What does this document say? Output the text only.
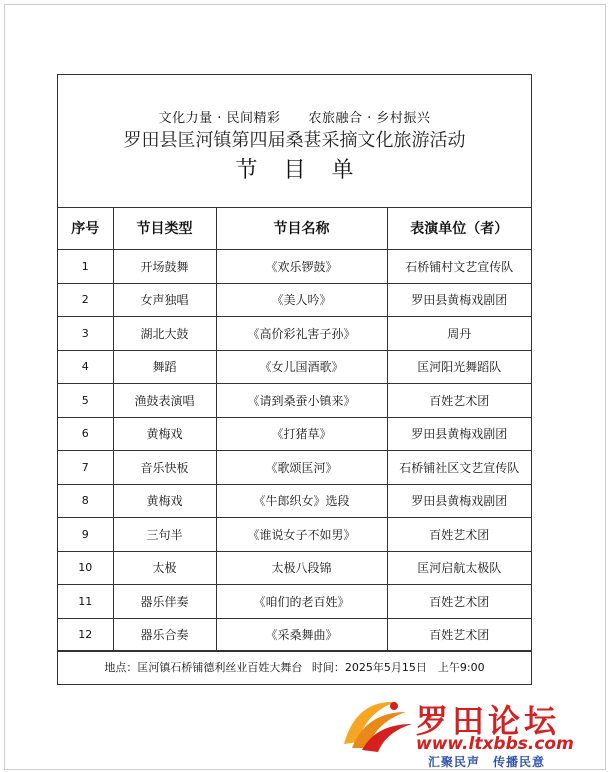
文化力量 · 民间精彩 农旅融合 · 乡村振兴
罗田县匡河镇第四届桑葚采摘文化旅游活动
节目单
序号	节目类型	节目名称	表演单位（者）
1	开场鼓舞	《欢乐锣鼓》	石桥铺村文艺宣传队
2	女声独唱	《美人吟》	罗田县黄梅戏剧团
3	湖北大鼓	《高价彩礼害子孙》	周丹
4	舞蹈	《女儿国酒歌》	匡河阳光舞蹈队
5	渔鼓表演唱	《请到桑蚕小镇来》	百姓艺术团
6	黄梅戏	《打猪草》	罗田县黄梅戏剧团
7	音乐快板	《歌颂匡河》	石桥铺社区文艺宣传队
8	黄梅戏	《牛郎织女》选段	罗田县黄梅戏剧团
9	三句半	《谁说女子不如男》	百姓艺术团
10	太极	太极八段锦	匡河启航太极队
11	器乐伴奏	《咱们的老百姓》	百姓艺术团
12	器乐合奏	《采桑舞曲》	百姓艺术团
地点：匡河镇石桥铺德利丝业百姓大舞台 时间：2025年5月15日　上午9:00
罗田论坛
www.ltxbbs.com
汇聚民声　传播民意
